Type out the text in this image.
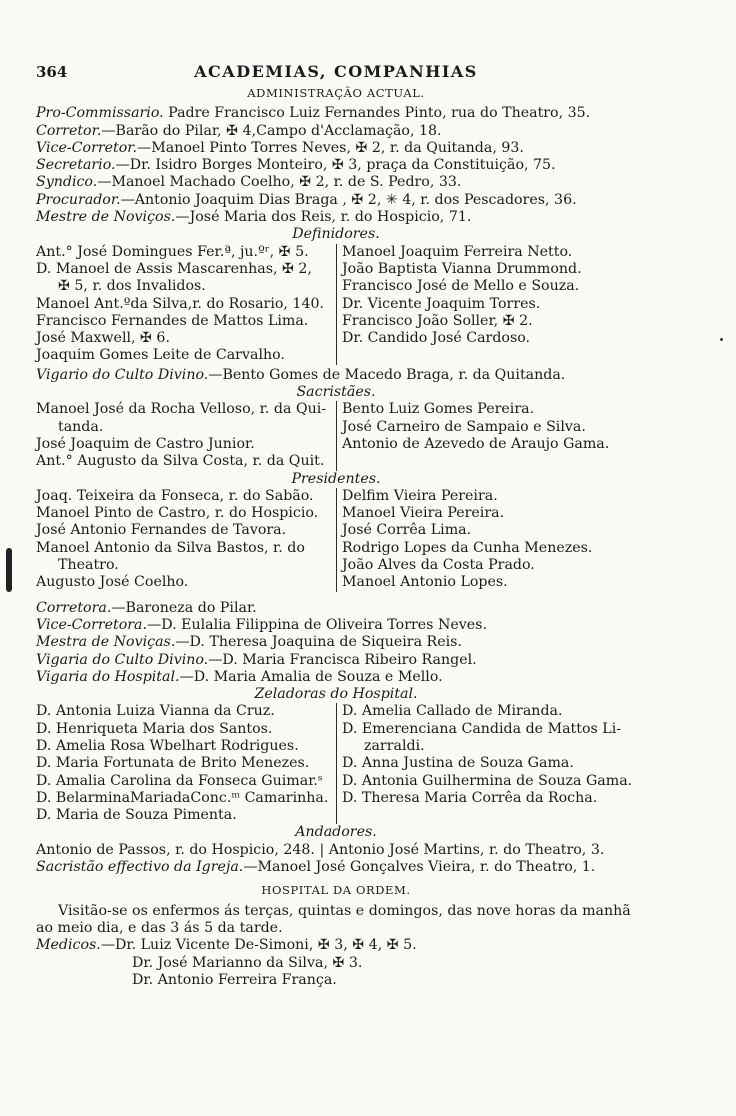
364	ACADEMIAS, COMPANHIAS
ADMINISTRAÇÃO ACTUAL.
Pro-Commissario. Padre Francisco Luiz Fernandes Pinto, rua do Theatro, 35.
Corretor.—Barão do Pilar, ✠ 4,Campo d'Acclamação, 18.
Vice-Corretor.—Manoel Pinto Torres Neves, ✠ 2, r. da Quitanda, 93.
Secretario.—Dr. Isidro Borges Monteiro, ✠ 3, praça da Constituição, 75.
Syndico.—Manoel Machado Coelho, ✠ 2, r. de S. Pedro, 33.
Procurador.—Antonio Joaquim Dias Braga , ✠ 2, ✳ 4, r. dos Pescadores, 36.
Mestre de Noviços.—José Maria dos Reis, r. do Hospicio, 71.
Definidores.
Ant.° José Domingues Fer.ª, ju.ºʳ, ✠ 5.
D. Manoel de Assis Mascarenhas, ✠ 2,
✠ 5, r. dos Invalidos.
Manoel Ant.ºda Silva,r. do Rosario, 140.
Francisco Fernandes de Mattos Lima.
José Maxwell, ✠ 6.
Joaquim Gomes Leite de Carvalho.
Manoel Joaquim Ferreira Netto.
João Baptista Vianna Drummond.
Francisco José de Mello e Souza.
Dr. Vicente Joaquim Torres.
Francisco João Soller, ✠ 2.
Dr. Candido José Cardoso.
Vigario do Culto Divino.—Bento Gomes de Macedo Braga, r. da Quitanda.
Sacristães.
Manoel José da Rocha Velloso, r. da Qui-
tanda.
José Joaquim de Castro Junior.
Ant.° Augusto da Silva Costa, r. da Quit.
Bento Luiz Gomes Pereira.
José Carneiro de Sampaio e Silva.
Antonio de Azevedo de Araujo Gama.
Presidentes.
Joaq. Teixeira da Fonseca, r. do Sabão.
Manoel Pinto de Castro, r. do Hospicio.
José Antonio Fernandes de Tavora.
Manoel Antonio da Silva Bastos, r. do
Theatro.
Augusto José Coelho.
Delfim Vieira Pereira.
Manoel Vieira Pereira.
José Corrêa Lima.
Rodrigo Lopes da Cunha Menezes.
João Alves da Costa Prado.
Manoel Antonio Lopes.
Corretora.—Baroneza do Pilar.
Vice-Corretora.—D. Eulalia Filippina de Oliveira Torres Neves.
Mestra de Noviças.—D. Theresa Joaquina de Siqueira Reis.
Vigaria do Culto Divino.—D. Maria Francisca Ribeiro Rangel.
Vigaria do Hospital.—D. Maria Amalia de Souza e Mello.
Zeladoras do Hospital.
D. Antonia Luiza Vianna da Cruz.
D. Henriqueta Maria dos Santos.
D. Amelia Rosa Wbelhart Rodrigues.
D. Maria Fortunata de Brito Menezes.
D. Amalia Carolina da Fonseca Guimar.ˢ
D. BelarminaMariadaConc.ᵐ Camarinha.
D. Maria de Souza Pimenta.
D. Amelia Callado de Miranda.
D. Emerenciana Candida de Mattos Li-
zarraldi.
D. Anna Justina de Souza Gama.
D. Antonia Guilhermina de Souza Gama.
D. Theresa Maria Corrêa da Rocha.
Andadores.
Antonio de Passos, r. do Hospicio, 248. | Antonio José Martins, r. do Theatro, 3.
Sacristão effectivo da Igreja.—Manoel José Gonçalves Vieira, r. do Theatro, 1.
HOSPITAL DA ORDEM.
Visitão-se os enfermos ás terças, quintas e domingos, das nove horas da manhã
ao meio dia, e das 3 ás 5 da tarde.
Medicos.—Dr. Luiz Vicente De-Simoni, ✠ 3, ✠ 4, ✠ 5.
Dr. José Marianno da Silva, ✠ 3.
Dr. Antonio Ferreira França.
